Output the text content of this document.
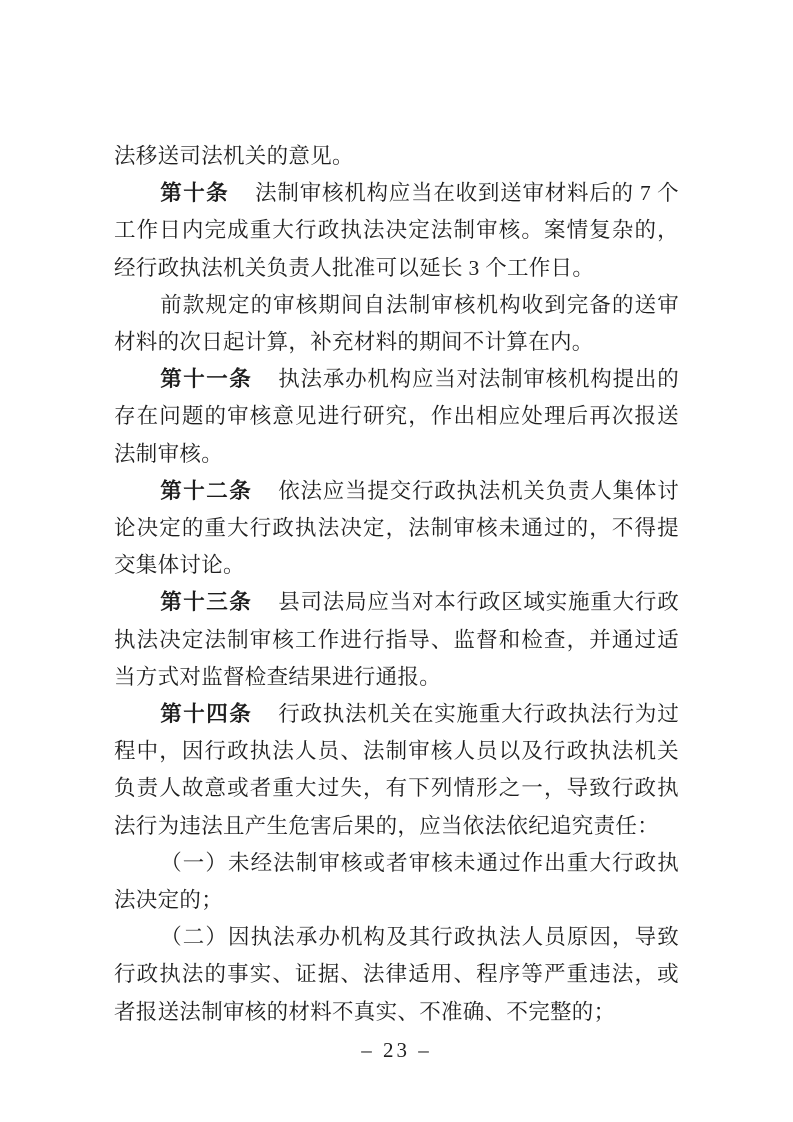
法移送司法机关的意见。

第十条 法制审核机构应当在收到送审材料后的 7 个工作日内完成重大行政执法决定法制审核。案情复杂的，经行政执法机关负责人批准可以延长 3 个工作日。

前款规定的审核期间自法制审核机构收到完备的送审材料的次日起计算，补充材料的期间不计算在内。

第十一条 执法承办机构应当对法制审核机构提出的存在问题的审核意见进行研究，作出相应处理后再次报送法制审核。

第十二条 依法应当提交行政执法机关负责人集体讨论决定的重大行政执法决定，法制审核未通过的，不得提交集体讨论。

第十三条 县司法局应当对本行政区域实施重大行政执法决定法制审核工作进行指导、监督和检查，并通过适当方式对监督检查结果进行通报。

第十四条 行政执法机关在实施重大行政执法行为过程中，因行政执法人员、法制审核人员以及行政执法机关负责人故意或者重大过失，有下列情形之一，导致行政执法行为违法且产生危害后果的，应当依法依纪追究责任：

（一）未经法制审核或者审核未通过作出重大行政执法决定的；

（二）因执法承办机构及其行政执法人员原因，导致行政执法的事实、证据、法律适用、程序等严重违法，或者报送法制审核的材料不真实、不准确、不完整的；

– 23 –
